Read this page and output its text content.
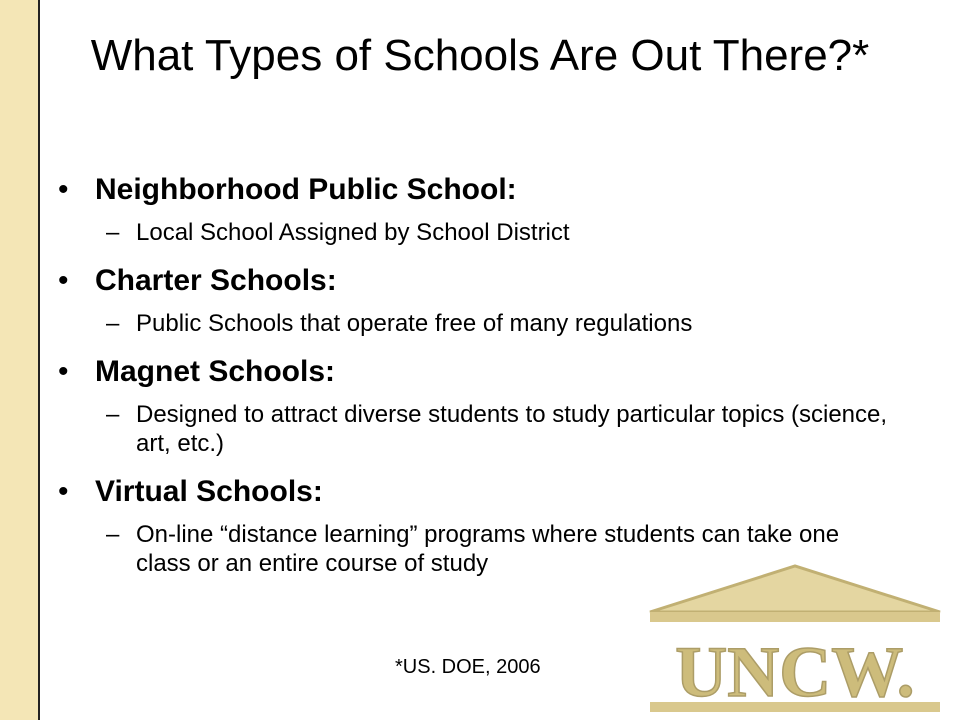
What Types of Schools Are Out There?*
• Neighborhood Public School:
– Local School Assigned by School District
• Charter Schools:
– Public Schools that operate free of many regulations
• Magnet Schools:
– Designed to attract diverse students to study particular topics (science, art, etc.)
• Virtual Schools:
– On-line “distance learning” programs where students can take one class or an entire course of study
UNCW.
*US. DOE, 2006
